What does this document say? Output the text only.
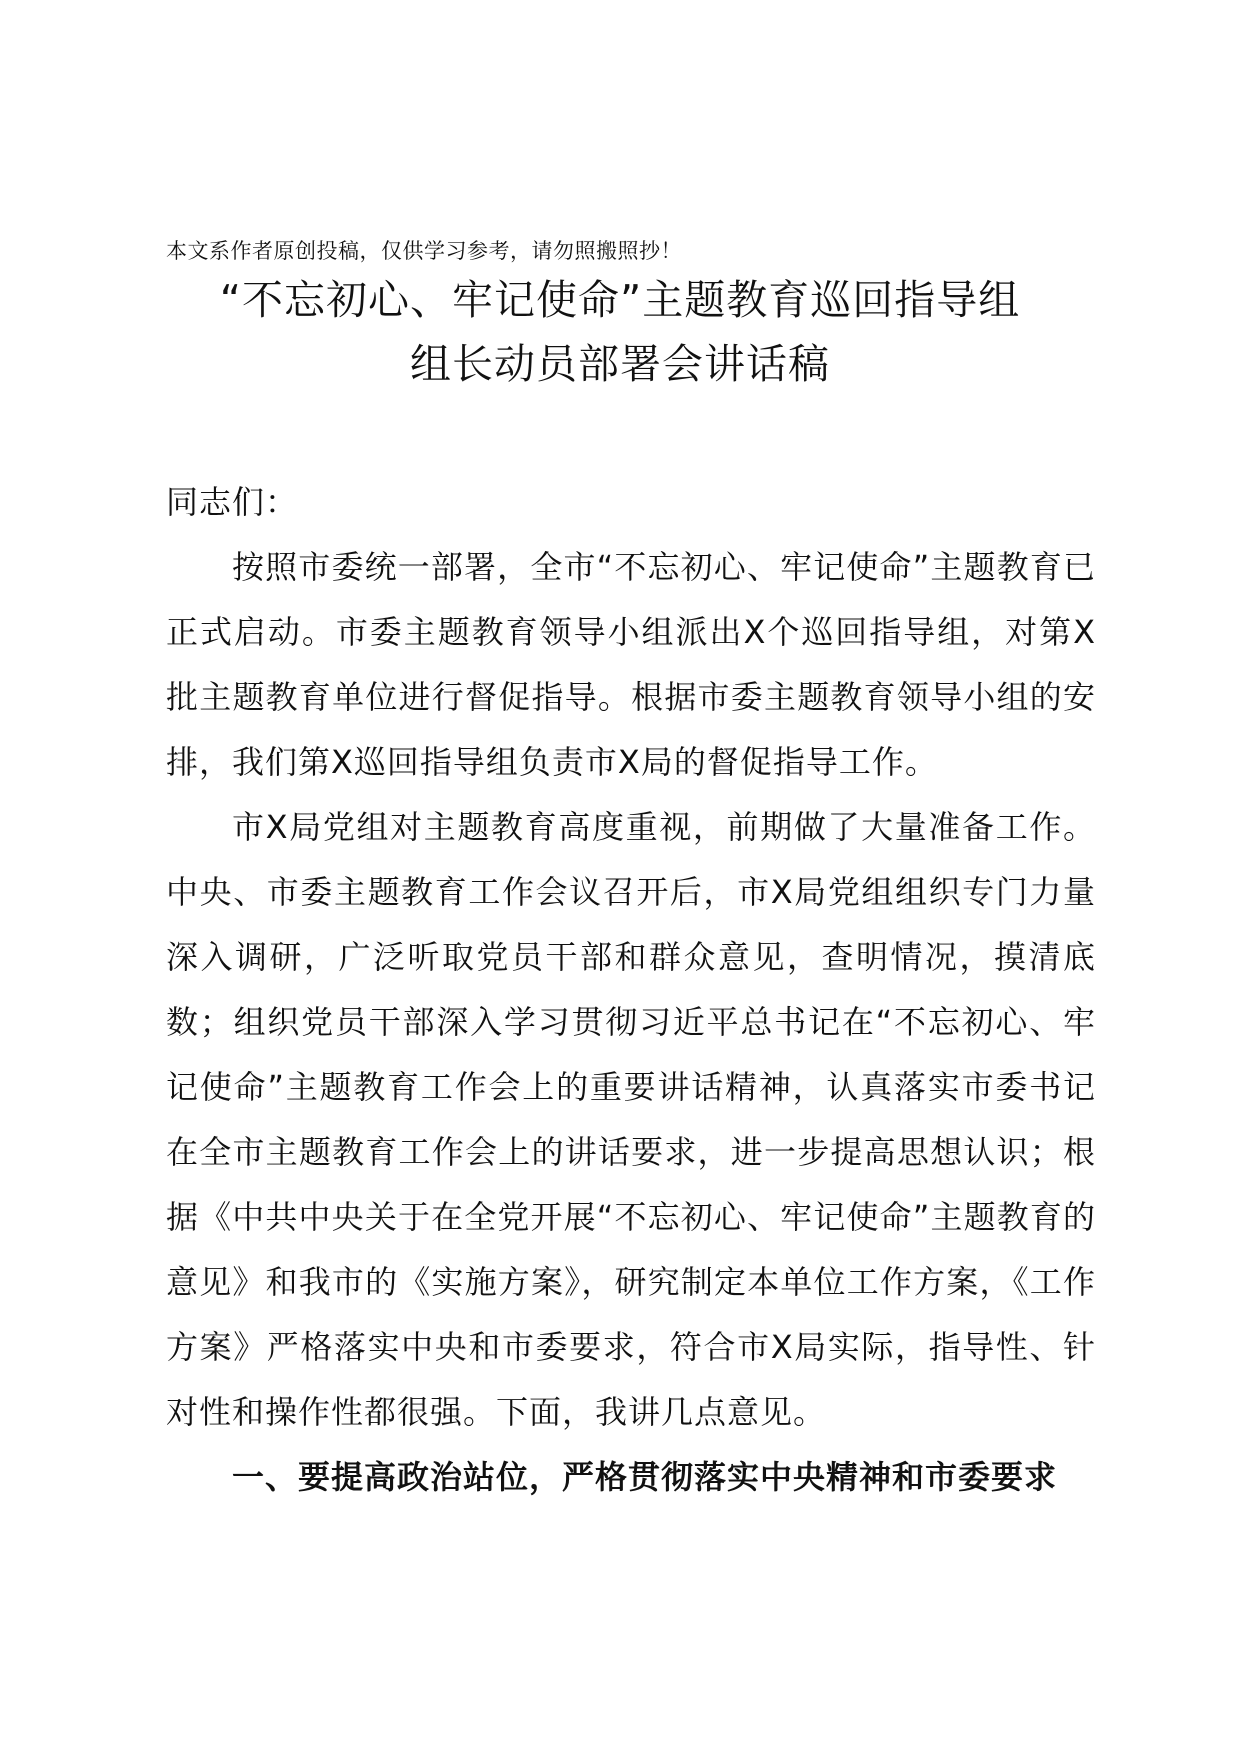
本文系作者原创投稿，仅供学习参考，请勿照搬照抄！
“不忘初心、牢记使命”主题教育巡回指导组
组长动员部署会讲话稿

同志们：

按照市委统一部署，全市“不忘初心、牢记使命”主题教育已正式启动。市委主题教育领导小组派出X个巡回指导组，对第X批主题教育单位进行督促指导。根据市委主题教育领导小组的安排，我们第X巡回指导组负责市X局的督促指导工作。

市X局党组对主题教育高度重视，前期做了大量准备工作。中央、市委主题教育工作会议召开后，市X局党组组织专门力量深入调研，广泛听取党员干部和群众意见，查明情况，摸清底数；组织党员干部深入学习贯彻习近平总书记在“不忘初心、牢记使命”主题教育工作会上的重要讲话精神，认真落实市委书记在全市主题教育工作会上的讲话要求，进一步提高思想认识；根据《中共中央关于在全党开展“不忘初心、牢记使命”主题教育的意见》和我市的《实施方案》，研究制定本单位工作方案，《工作方案》严格落实中央和市委要求，符合市X局实际，指导性、针对性和操作性都很强。下面，我讲几点意见。

一、要提高政治站位，严格贯彻落实中央精神和市委要求
